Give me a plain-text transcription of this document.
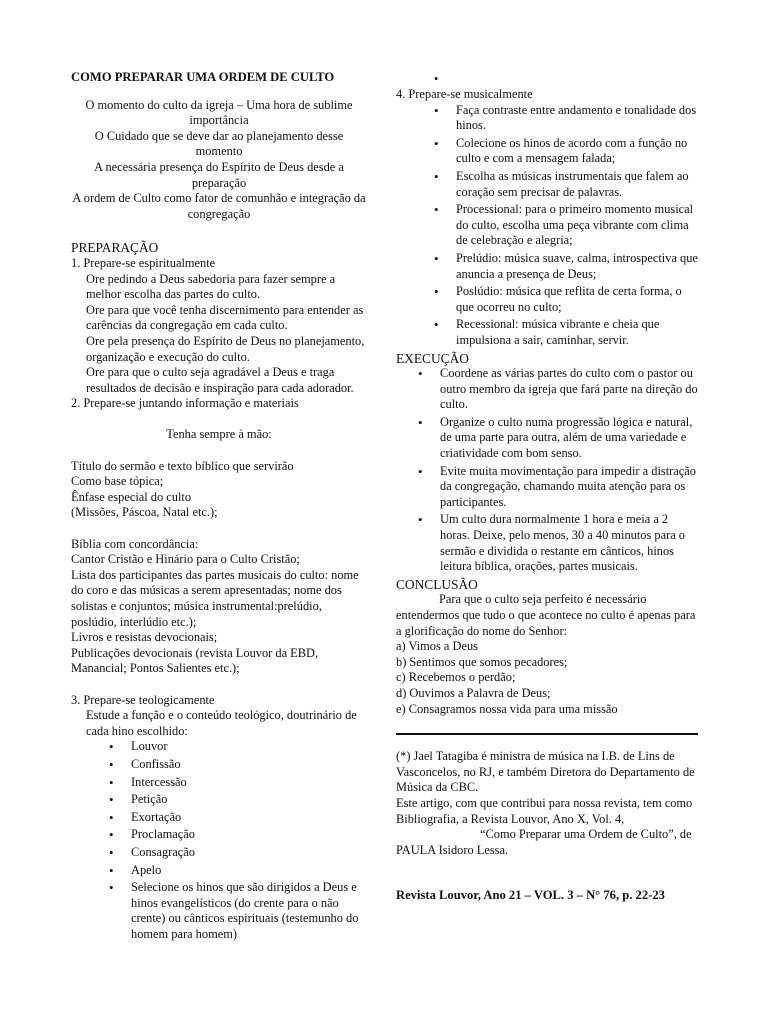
COMO PREPARAR UMA ORDEM DE CULTO
O momento do culto da igreja – Uma hora de sublime importância
O Cuidado que se deve dar ao planejamento desse momento
A necessária presença do Espírito de Deus desde a preparação
A ordem de Culto como fator de comunhão e integração da congregação
PREPARAÇÃO
1. Prepare-se espiritualmente
Ore pedindo a Deus sabedoria para fazer sempre a melhor escolha das partes do culto.
Ore para que você tenha discernimento para entender as carências da congregação em cada culto.
Ore pela presença do Espírito de Deus no planejamento, organização e execução do culto.
Ore para que o culto seja agradável a Deus e traga resultados de decisão e inspiração para cada adorador.
2. Prepare-se juntando informação e materiais
Tenha sempre à mão:
Título do sermão e texto bíblico que servirão
Como base tópica;
Ênfase especial do culto
(Missões, Páscoa, Natal etc.);
Bíblia com concordância:
Cantor Cristão e Hinário para o Culto Cristão;
Lista dos participantes das partes musicais do culto: nome do coro e das músicas a serem apresentadas; nome dos solistas e conjuntos; música instrumental:prelúdio, poslúdio, interlúdio etc.);
Livros e resistas devocionais;
Publicações devocionais (revista Louvor da EBD, Manancial; Pontos Salientes etc.);
3. Prepare-se teologicamente
Estude a função e o conteúdo teológico, doutrinário de cada hino escolhido:
• Louvor
• Confissão
• Intercessão
• Petição
• Exortação
• Proclamação
• Consagração
• Apelo
• Selecione os hinos que são dirigidos a Deus e hinos evangelísticos (do crente para o não crente) ou cânticos espirituais (testemunho do homem para homem)
•
4. Prepare-se musicalmente
• Faça contraste entre andamento e tonalidade dos hinos.
• Colecione os hinos de acordo com a função no culto e com a mensagem falada;
• Escolha as músicas instrumentais que falem ao coração sem precisar de palavras.
• Processional: para o primeiro momento musical do culto, escolha uma peça vibrante com clima de celebração e alegria;
• Prelúdio: música suave, calma, introspectiva que anuncia a presença de Deus;
• Poslúdio: música que reflita de certa forma, o que ocorreu no culto;
• Recessional: música vibrante e cheia que impulsiona a sair, caminhar, servir.
EXECUÇÃO
• Coordene as várias partes do culto com o pastor ou outro membro da igreja que fará parte na direção do culto.
• Organize o culto numa progressão lógica e natural, de uma parte para outra, além de uma variedade e criatividade com bom senso.
• Evite muita movimentação para impedir a distração da congregação, chamando muita atenção para os participantes.
• Um culto dura normalmente 1 hora e meia a 2 horas. Deixe, pelo menos, 30 a 40 minutos para o sermão e dividida o restante em cânticos, hinos leitura bíblica, orações, partes musicais.
CONCLUSÃO
Para que o culto seja perfeito é necessário entendermos que tudo o que acontece no culto é apenas para a glorificação do nome do Senhor:
a) Vimos a Deus
b) Sentimos que somos pecadores;
c) Recebemos o perdão;
d) Ouvimos a Palavra de Deus;
e) Consagramos nossa vida para uma missão
(*) Jael Tatagiba é ministra de música na I.B. de Lins de Vasconcelos, no RJ, e também Diretora do Departamento de Música da CBC.
Este artigo, com que contribui para nossa revista, tem como Bibliografia, a Revista Louvor, Ano X, Vol. 4,
“Como Preparar uma Ordem de Culto”, de
PAULA Isidoro Lessa.
Revista Louvor, Ano 21 – VOL. 3 – N° 76, p. 22-23
